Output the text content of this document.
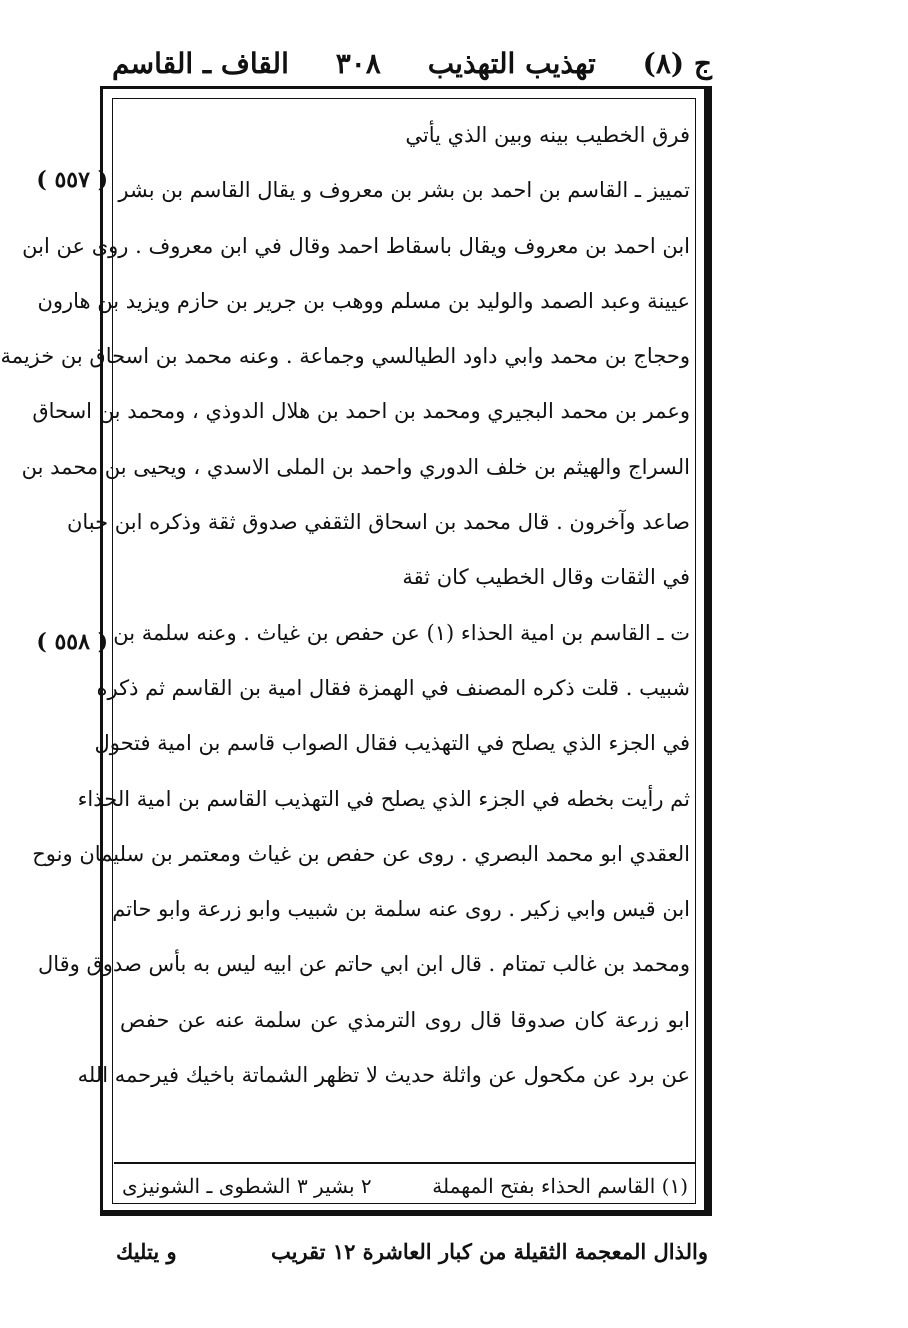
ج (٨)
تهذيب التهذيب
٣٠٨
القاف ـ القاسم
( ٥٥٧ )
( ٥٥٨ )
فرق الخطيب بينه وبين الذي يأتي
تمييز ـ القاسم بن احمد بن بشر بن معروف و يقال القاسم بن بشر
ابن احمد بن معروف ويقال باسقاط احمد وقال في ابن معروف . روى عن ابن
عيينة وعبد الصمد والوليد بن مسلم ووهب بن جرير بن حازم ويزيد بن هارون
وحجاج بن محمد وابي داود الطيالسي وجماعة . وعنه محمد بن اسحاق بن خزيمة
وعمر بن محمد البجيري ومحمد بن احمد بن هلال الدوذي ، ومحمد بن اسحاق
السراج والهيثم بن خلف الدوري واحمد بن الملى الاسدي ، ويحيى بن محمد بن
صاعد وآخرون . قال محمد بن اسحاق الثقفي صدوق ثقة وذكره ابن حبان
في الثقات وقال الخطيب كان ثقة
ت ـ القاسم بن امية الحذاء (١) عن حفص بن غياث . وعنه سلمة بن
شبيب . قلت ذكره المصنف في الهمزة فقال امية بن القاسم ثم ذكره
في الجزء الذي يصلح في التهذيب فقال الصواب قاسم بن امية فتحول
ثم رأيت بخطه في الجزء الذي يصلح في التهذيب القاسم بن امية الحذاء
العقدي ابو محمد البصري . روى عن حفص بن غياث ومعتمر بن سليمان ونوح
ابن قيس وابي زكير . روى عنه سلمة بن شبيب وابو زرعة وابو حاتم
ومحمد بن غالب تمتام . قال ابن ابي حاتم عن ابيه ليس به بأس صدوق وقال
ابو زرعة كان صدوقا قال روى الترمذي عن سلمة عنه عن حفص
عن برد عن مكحول عن واثلة حديث لا تظهر الشماتة باخيك فيرحمه الله
(١) القاسم الحذاء بفتح المهملة
٢ بشير ٣ الشطوى ـ الشونيزى
والذال المعجمة الثقيلة من كبار العاشرة ١٢ تقريب
و يتليك
